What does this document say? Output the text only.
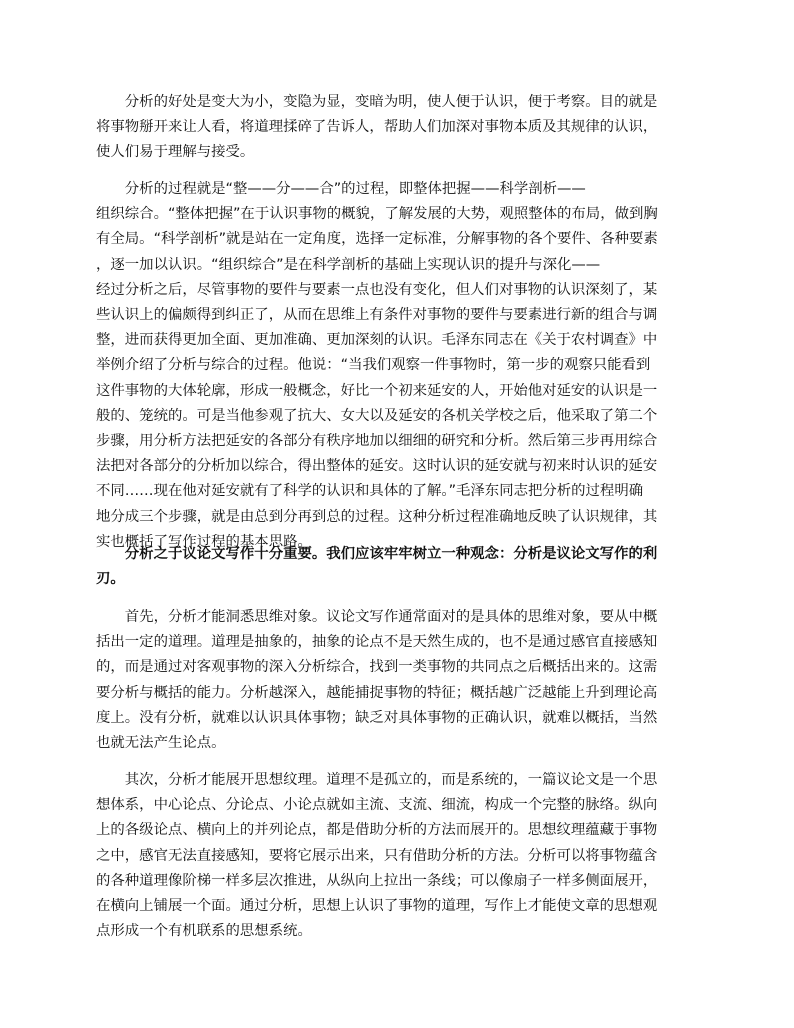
　　分析的好处是变大为小，变隐为显，变暗为明，使人便于认识，便于考察。目的就是
将事物掰开来让人看，将道理揉碎了告诉人，帮助人们加深对事物本质及其规律的认识，
使人们易于理解与接受。

　　分析的过程就是“整——分——合”的过程，即整体把握——科学剖析——
组织综合。“整体把握”在于认识事物的概貌，了解发展的大势，观照整体的布局，做到胸
有全局。“科学剖析”就是站在一定角度，选择一定标准，分解事物的各个要件、各种要素
，逐一加以认识。“组织综合”是在科学剖析的基础上实现认识的提升与深化——
经过分析之后，尽管事物的要件与要素一点也没有变化，但人们对事物的认识深刻了，某
些认识上的偏颇得到纠正了，从而在思维上有条件对事物的要件与要素进行新的组合与调
整，进而获得更加全面、更加准确、更加深刻的认识。毛泽东同志在《关于农村调查》中
举例介绍了分析与综合的过程。他说：“当我们观察一件事物时，第一步的观察只能看到
这件事物的大体轮廓，形成一般概念，好比一个初来延安的人，开始他对延安的认识是一
般的、笼统的。可是当他参观了抗大、女大以及延安的各机关学校之后，他采取了第二个
步骤，用分析方法把延安的各部分有秩序地加以细细的研究和分析。然后第三步再用综合
法把对各部分的分析加以综合，得出整体的延安。这时认识的延安就与初来时认识的延安
不同……现在他对延安就有了科学的认识和具体的了解。”毛泽东同志把分析的过程明确
地分成三个步骤，就是由总到分再到总的过程。这种分析过程准确地反映了认识规律，其
实也概括了写作过程的基本思路。

　　分析之于议论文写作十分重要。我们应该牢牢树立一种观念：分析是议论文写作的利
刃。

　　首先，分析才能洞悉思维对象。议论文写作通常面对的是具体的思维对象，要从中概
括出一定的道理。道理是抽象的，抽象的论点不是天然生成的，也不是通过感官直接感知
的，而是通过对客观事物的深入分析综合，找到一类事物的共同点之后概括出来的。这需
要分析与概括的能力。分析越深入，越能捕捉事物的特征；概括越广泛越能上升到理论高
度上。没有分析，就难以认识具体事物；缺乏对具体事物的正确认识，就难以概括，当然
也就无法产生论点。

　　其次，分析才能展开思想纹理。道理不是孤立的，而是系统的，一篇议论文是一个思
想体系，中心论点、分论点、小论点就如主流、支流、细流，构成一个完整的脉络。纵向
上的各级论点、横向上的并列论点，都是借助分析的方法而展开的。思想纹理蕴藏于事物
之中，感官无法直接感知，要将它展示出来，只有借助分析的方法。分析可以将事物蕴含
的各种道理像阶梯一样多层次推进，从纵向上拉出一条线；可以像扇子一样多侧面展开，
在横向上铺展一个面。通过分析，思想上认识了事物的道理，写作上才能使文章的思想观
点形成一个有机联系的思想系统。
